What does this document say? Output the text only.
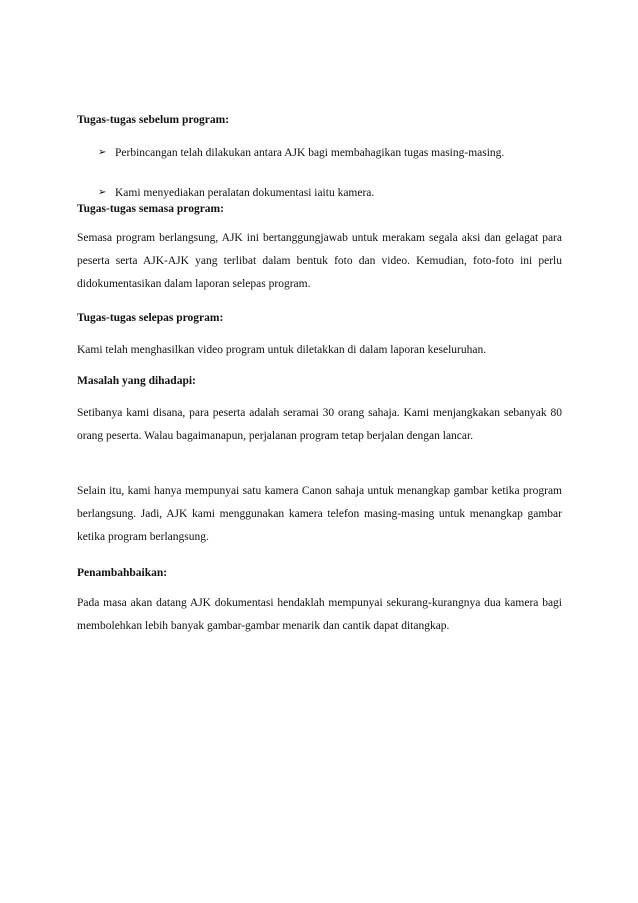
Tugas-tugas sebelum program:

➢ Perbincangan telah dilakukan antara AJK bagi membahagikan tugas masing-masing.
➢ Kami menyediakan peralatan dokumentasi iaitu kamera.

Tugas-tugas semasa program:

Semasa program berlangsung, AJK ini bertanggungjawab untuk merakam segala aksi dan gelagat para peserta serta AJK-AJK yang terlibat dalam bentuk foto dan video. Kemudian, foto-foto ini perlu didokumentasikan dalam laporan selepas program.

Tugas-tugas selepas program:

Kami telah menghasilkan video program untuk diletakkan di dalam laporan keseluruhan.

Masalah yang dihadapi:

Setibanya kami disana, para peserta adalah seramai 30 orang sahaja. Kami menjangkakan sebanyak 80 orang peserta. Walau bagaimanapun, perjalanan program tetap berjalan dengan lancar.

Selain itu, kami hanya mempunyai satu kamera Canon sahaja untuk menangkap gambar ketika program berlangsung. Jadi, AJK kami menggunakan kamera telefon masing-masing untuk menangkap gambar ketika program berlangsung.

Penambahbaikan:

Pada masa akan datang AJK dokumentasi hendaklah mempunyai sekurang-kurangnya dua kamera bagi membolehkan lebih banyak gambar-gambar menarik dan cantik dapat ditangkap.
